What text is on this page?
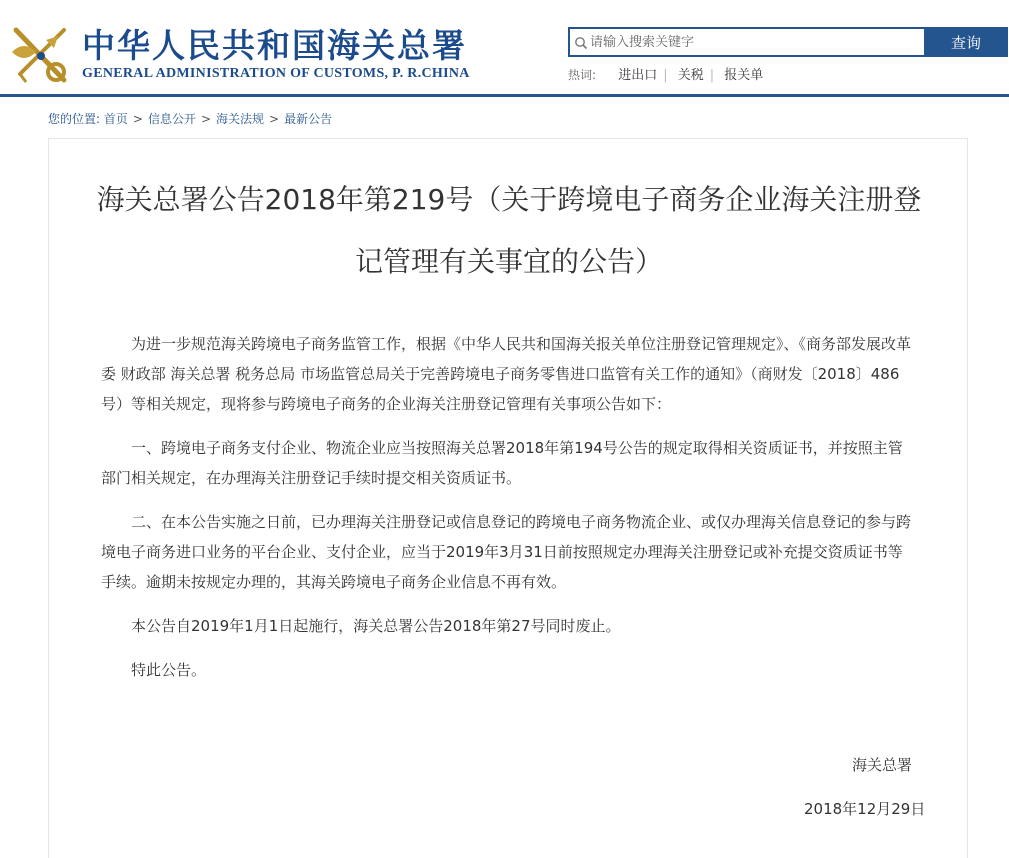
中华人民共和国海关总署
GENERAL ADMINISTRATION OF CUSTOMS, P. R.CHINA
请输入搜索关键字
查询
热词: 进出口 | 关税 | 报关单
您的位置: 首页 > 信息公开 > 海关法规 > 最新公告
海关总署公告2018年第219号（关于跨境电子商务企业海关注册登记管理有关事宜的公告）

为进一步规范海关跨境电子商务监管工作，根据《中华人民共和国海关报关单位注册登记管理规定》、《商务部发展改革委 财政部 海关总署 税务总局 市场监管总局关于完善跨境电子商务零售进口监管有关工作的通知》（商财发〔2018〕486号）等相关规定，现将参与跨境电子商务的企业海关注册登记管理有关事项公告如下：

一、跨境电子商务支付企业、物流企业应当按照海关总署2018年第194号公告的规定取得相关资质证书，并按照主管部门相关规定，在办理海关注册登记手续时提交相关资质证书。

二、在本公告实施之日前，已办理海关注册登记或信息登记的跨境电子商务物流企业、或仅办理海关信息登记的参与跨境电子商务进口业务的平台企业、支付企业，应当于2019年3月31日前按照规定办理海关注册登记或补充提交资质证书等手续。逾期未按规定办理的，其海关跨境电子商务企业信息不再有效。

本公告自2019年1月1日起施行，海关总署公告2018年第27号同时废止。

特此公告。

海关总署
2018年12月29日
